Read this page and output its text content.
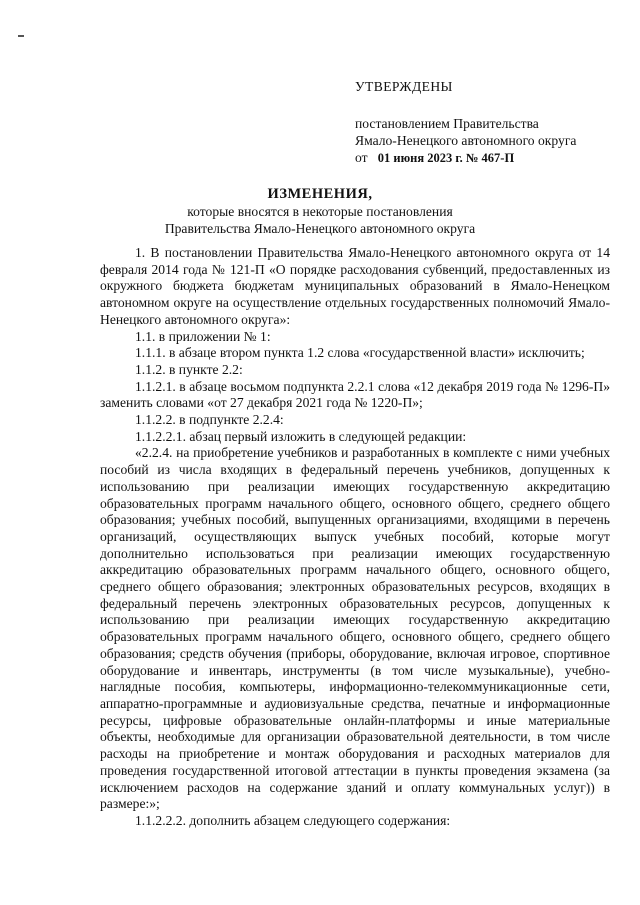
УТВЕРЖДЕНЫ
постановлением Правительства
Ямало-Ненецкого автономного округа
от 01 июня 2023 г. № 467-П
ИЗМЕНЕНИЯ,
которые вносятся в некоторые постановления
Правительства Ямало-Ненецкого автономного округа

1. В постановлении Правительства Ямало-Ненецкого автономного округа от 14 февраля 2014 года № 121-П «О порядке расходования субвенций, предоставленных из окружного бюджета бюджетам муниципальных образований в Ямало-Ненецком автономном округе на осуществление отдельных государственных полномочий Ямало-Ненецкого автономного округа»:

1.1. в приложении № 1:

1.1.1. в абзаце втором пункта 1.2 слова «государственной власти» исключить;

1.1.2. в пункте 2.2:

1.1.2.1. в абзаце восьмом подпункта 2.2.1 слова «12 декабря 2019 года № 1296-П» заменить словами «от 27 декабря 2021 года № 1220-П»;

1.1.2.2. в подпункте 2.2.4:

1.1.2.2.1. абзац первый изложить в следующей редакции:

«2.2.4. на приобретение учебников и разработанных в комплекте с ними учебных пособий из числа входящих в федеральный перечень учебников, допущенных к использованию при реализации имеющих государственную аккредитацию образовательных программ начального общего, основного общего, среднего общего образования; учебных пособий, выпущенных организациями, входящими в перечень организаций, осуществляющих выпуск учебных пособий, которые могут дополнительно использоваться при реализации имеющих государственную аккредитацию образовательных программ начального общего, основного общего, среднего общего образования; электронных образовательных ресурсов, входящих в федеральный перечень электронных образовательных ресурсов, допущенных к использованию при реализации имеющих государственную аккредитацию образовательных программ начального общего, основного общего, среднего общего образования; средств обучения (приборы, оборудование, включая игровое, спортивное оборудование и инвентарь, инструменты (в том числе музыкальные), учебно-наглядные пособия, компьютеры, информационно-телекоммуникационные сети, аппаратно-программные и аудиовизуальные средства, печатные и информационные ресурсы, цифровые образовательные онлайн-платформы и иные материальные объекты, необходимые для организации образовательной деятельности, в том числе расходы на приобретение и монтаж оборудования и расходных материалов для проведения государственной итоговой аттестации в пункты проведения экзамена (за исключением расходов на содержание зданий и оплату коммунальных услуг)) в размере:»;

1.1.2.2.2. дополнить абзацем следующего содержания:
